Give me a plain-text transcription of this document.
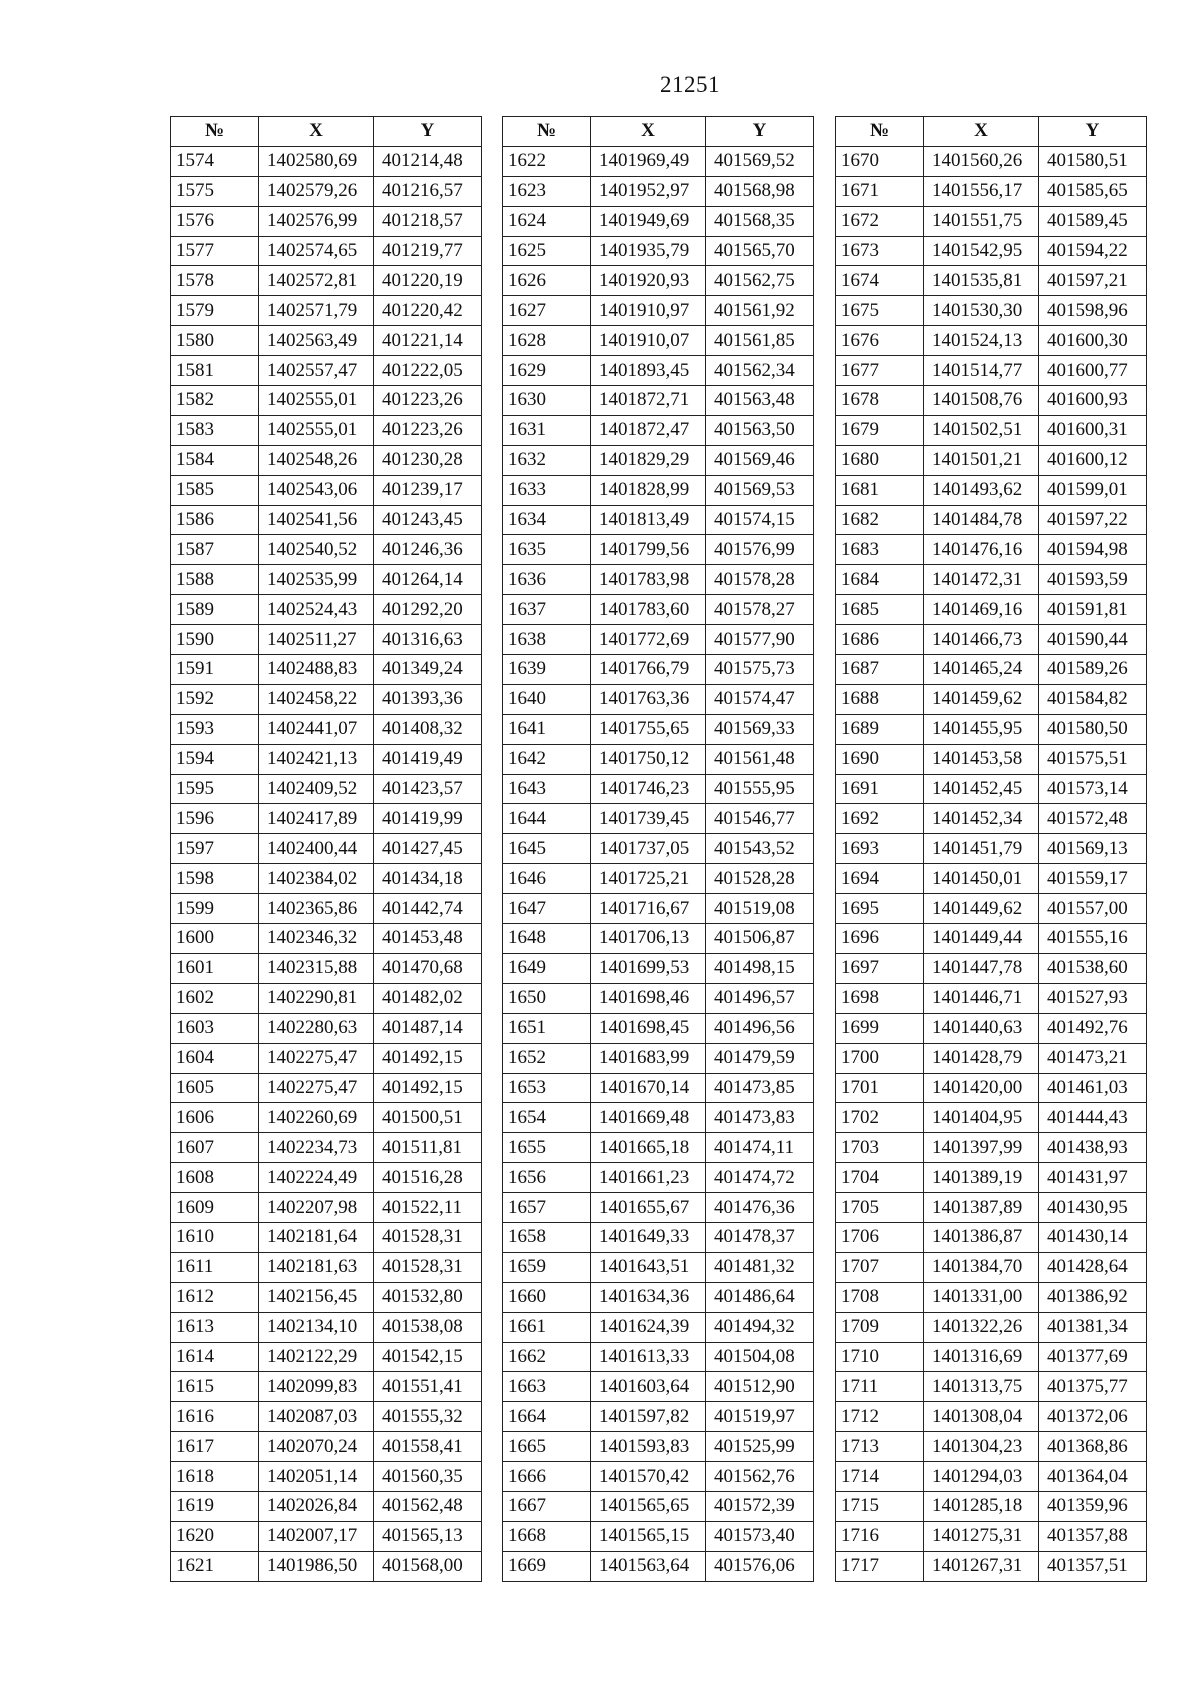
21251
№	X	Y
1574	1402580,69	401214,48
1575	1402579,26	401216,57
1576	1402576,99	401218,57
1577	1402574,65	401219,77
1578	1402572,81	401220,19
1579	1402571,79	401220,42
1580	1402563,49	401221,14
1581	1402557,47	401222,05
1582	1402555,01	401223,26
1583	1402555,01	401223,26
1584	1402548,26	401230,28
1585	1402543,06	401239,17
1586	1402541,56	401243,45
1587	1402540,52	401246,36
1588	1402535,99	401264,14
1589	1402524,43	401292,20
1590	1402511,27	401316,63
1591	1402488,83	401349,24
1592	1402458,22	401393,36
1593	1402441,07	401408,32
1594	1402421,13	401419,49
1595	1402409,52	401423,57
1596	1402417,89	401419,99
1597	1402400,44	401427,45
1598	1402384,02	401434,18
1599	1402365,86	401442,74
1600	1402346,32	401453,48
1601	1402315,88	401470,68
1602	1402290,81	401482,02
1603	1402280,63	401487,14
1604	1402275,47	401492,15
1605	1402275,47	401492,15
1606	1402260,69	401500,51
1607	1402234,73	401511,81
1608	1402224,49	401516,28
1609	1402207,98	401522,11
1610	1402181,64	401528,31
1611	1402181,63	401528,31
1612	1402156,45	401532,80
1613	1402134,10	401538,08
1614	1402122,29	401542,15
1615	1402099,83	401551,41
1616	1402087,03	401555,32
1617	1402070,24	401558,41
1618	1402051,14	401560,35
1619	1402026,84	401562,48
1620	1402007,17	401565,13
1621	1401986,50	401568,00
№	X	Y
1622	1401969,49	401569,52
1623	1401952,97	401568,98
1624	1401949,69	401568,35
1625	1401935,79	401565,70
1626	1401920,93	401562,75
1627	1401910,97	401561,92
1628	1401910,07	401561,85
1629	1401893,45	401562,34
1630	1401872,71	401563,48
1631	1401872,47	401563,50
1632	1401829,29	401569,46
1633	1401828,99	401569,53
1634	1401813,49	401574,15
1635	1401799,56	401576,99
1636	1401783,98	401578,28
1637	1401783,60	401578,27
1638	1401772,69	401577,90
1639	1401766,79	401575,73
1640	1401763,36	401574,47
1641	1401755,65	401569,33
1642	1401750,12	401561,48
1643	1401746,23	401555,95
1644	1401739,45	401546,77
1645	1401737,05	401543,52
1646	1401725,21	401528,28
1647	1401716,67	401519,08
1648	1401706,13	401506,87
1649	1401699,53	401498,15
1650	1401698,46	401496,57
1651	1401698,45	401496,56
1652	1401683,99	401479,59
1653	1401670,14	401473,85
1654	1401669,48	401473,83
1655	1401665,18	401474,11
1656	1401661,23	401474,72
1657	1401655,67	401476,36
1658	1401649,33	401478,37
1659	1401643,51	401481,32
1660	1401634,36	401486,64
1661	1401624,39	401494,32
1662	1401613,33	401504,08
1663	1401603,64	401512,90
1664	1401597,82	401519,97
1665	1401593,83	401525,99
1666	1401570,42	401562,76
1667	1401565,65	401572,39
1668	1401565,15	401573,40
1669	1401563,64	401576,06
№	X	Y
1670	1401560,26	401580,51
1671	1401556,17	401585,65
1672	1401551,75	401589,45
1673	1401542,95	401594,22
1674	1401535,81	401597,21
1675	1401530,30	401598,96
1676	1401524,13	401600,30
1677	1401514,77	401600,77
1678	1401508,76	401600,93
1679	1401502,51	401600,31
1680	1401501,21	401600,12
1681	1401493,62	401599,01
1682	1401484,78	401597,22
1683	1401476,16	401594,98
1684	1401472,31	401593,59
1685	1401469,16	401591,81
1686	1401466,73	401590,44
1687	1401465,24	401589,26
1688	1401459,62	401584,82
1689	1401455,95	401580,50
1690	1401453,58	401575,51
1691	1401452,45	401573,14
1692	1401452,34	401572,48
1693	1401451,79	401569,13
1694	1401450,01	401559,17
1695	1401449,62	401557,00
1696	1401449,44	401555,16
1697	1401447,78	401538,60
1698	1401446,71	401527,93
1699	1401440,63	401492,76
1700	1401428,79	401473,21
1701	1401420,00	401461,03
1702	1401404,95	401444,43
1703	1401397,99	401438,93
1704	1401389,19	401431,97
1705	1401387,89	401430,95
1706	1401386,87	401430,14
1707	1401384,70	401428,64
1708	1401331,00	401386,92
1709	1401322,26	401381,34
1710	1401316,69	401377,69
1711	1401313,75	401375,77
1712	1401308,04	401372,06
1713	1401304,23	401368,86
1714	1401294,03	401364,04
1715	1401285,18	401359,96
1716	1401275,31	401357,88
1717	1401267,31	401357,51
